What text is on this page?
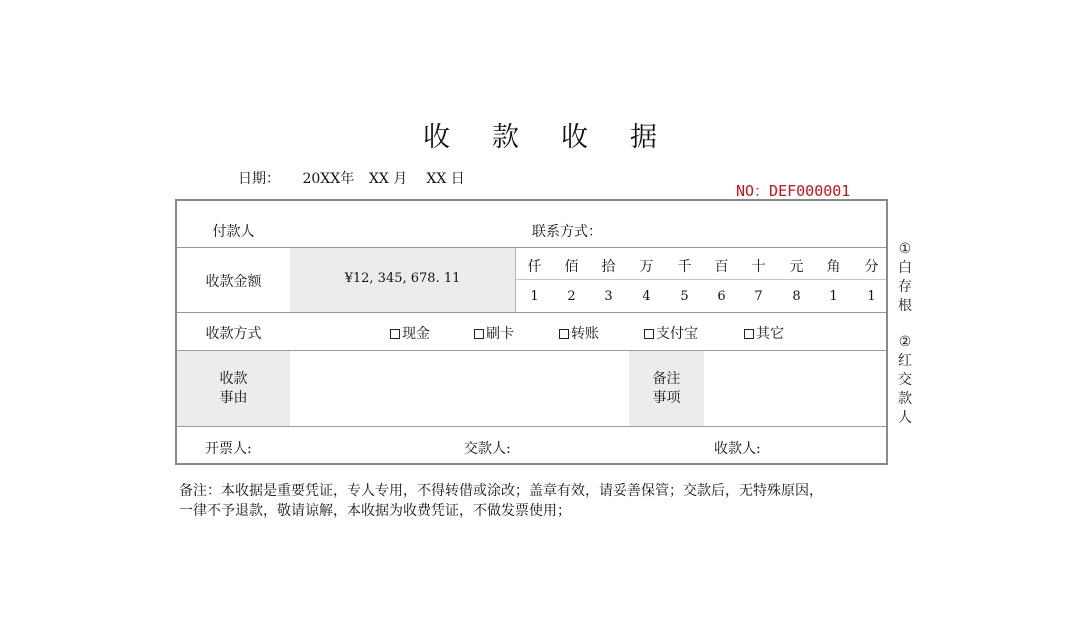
收款收据
日期： 20XX年 XX 月 XX 日
NO：DEF000001
付款人	联系方式：
收款金额	¥12, 345, 678. 11
仟	佰	拾	万	千	百	十	元	角	分
1	2	3	4	5	6	7	8	1	1
收款方式	现金	刷卡	转账	支付宝	其它
收款
事由
备注
事项
开票人:	交款人:	收款人:
①
白
存
根
②
红
交
款
人
备注：本收据是重要凭证，专人专用，不得转借或涂改；盖章有效，请妥善保管；交款后，无特殊原因，
一律不予退款，敬请谅解，本收据为收费凭证，不做发票使用；
